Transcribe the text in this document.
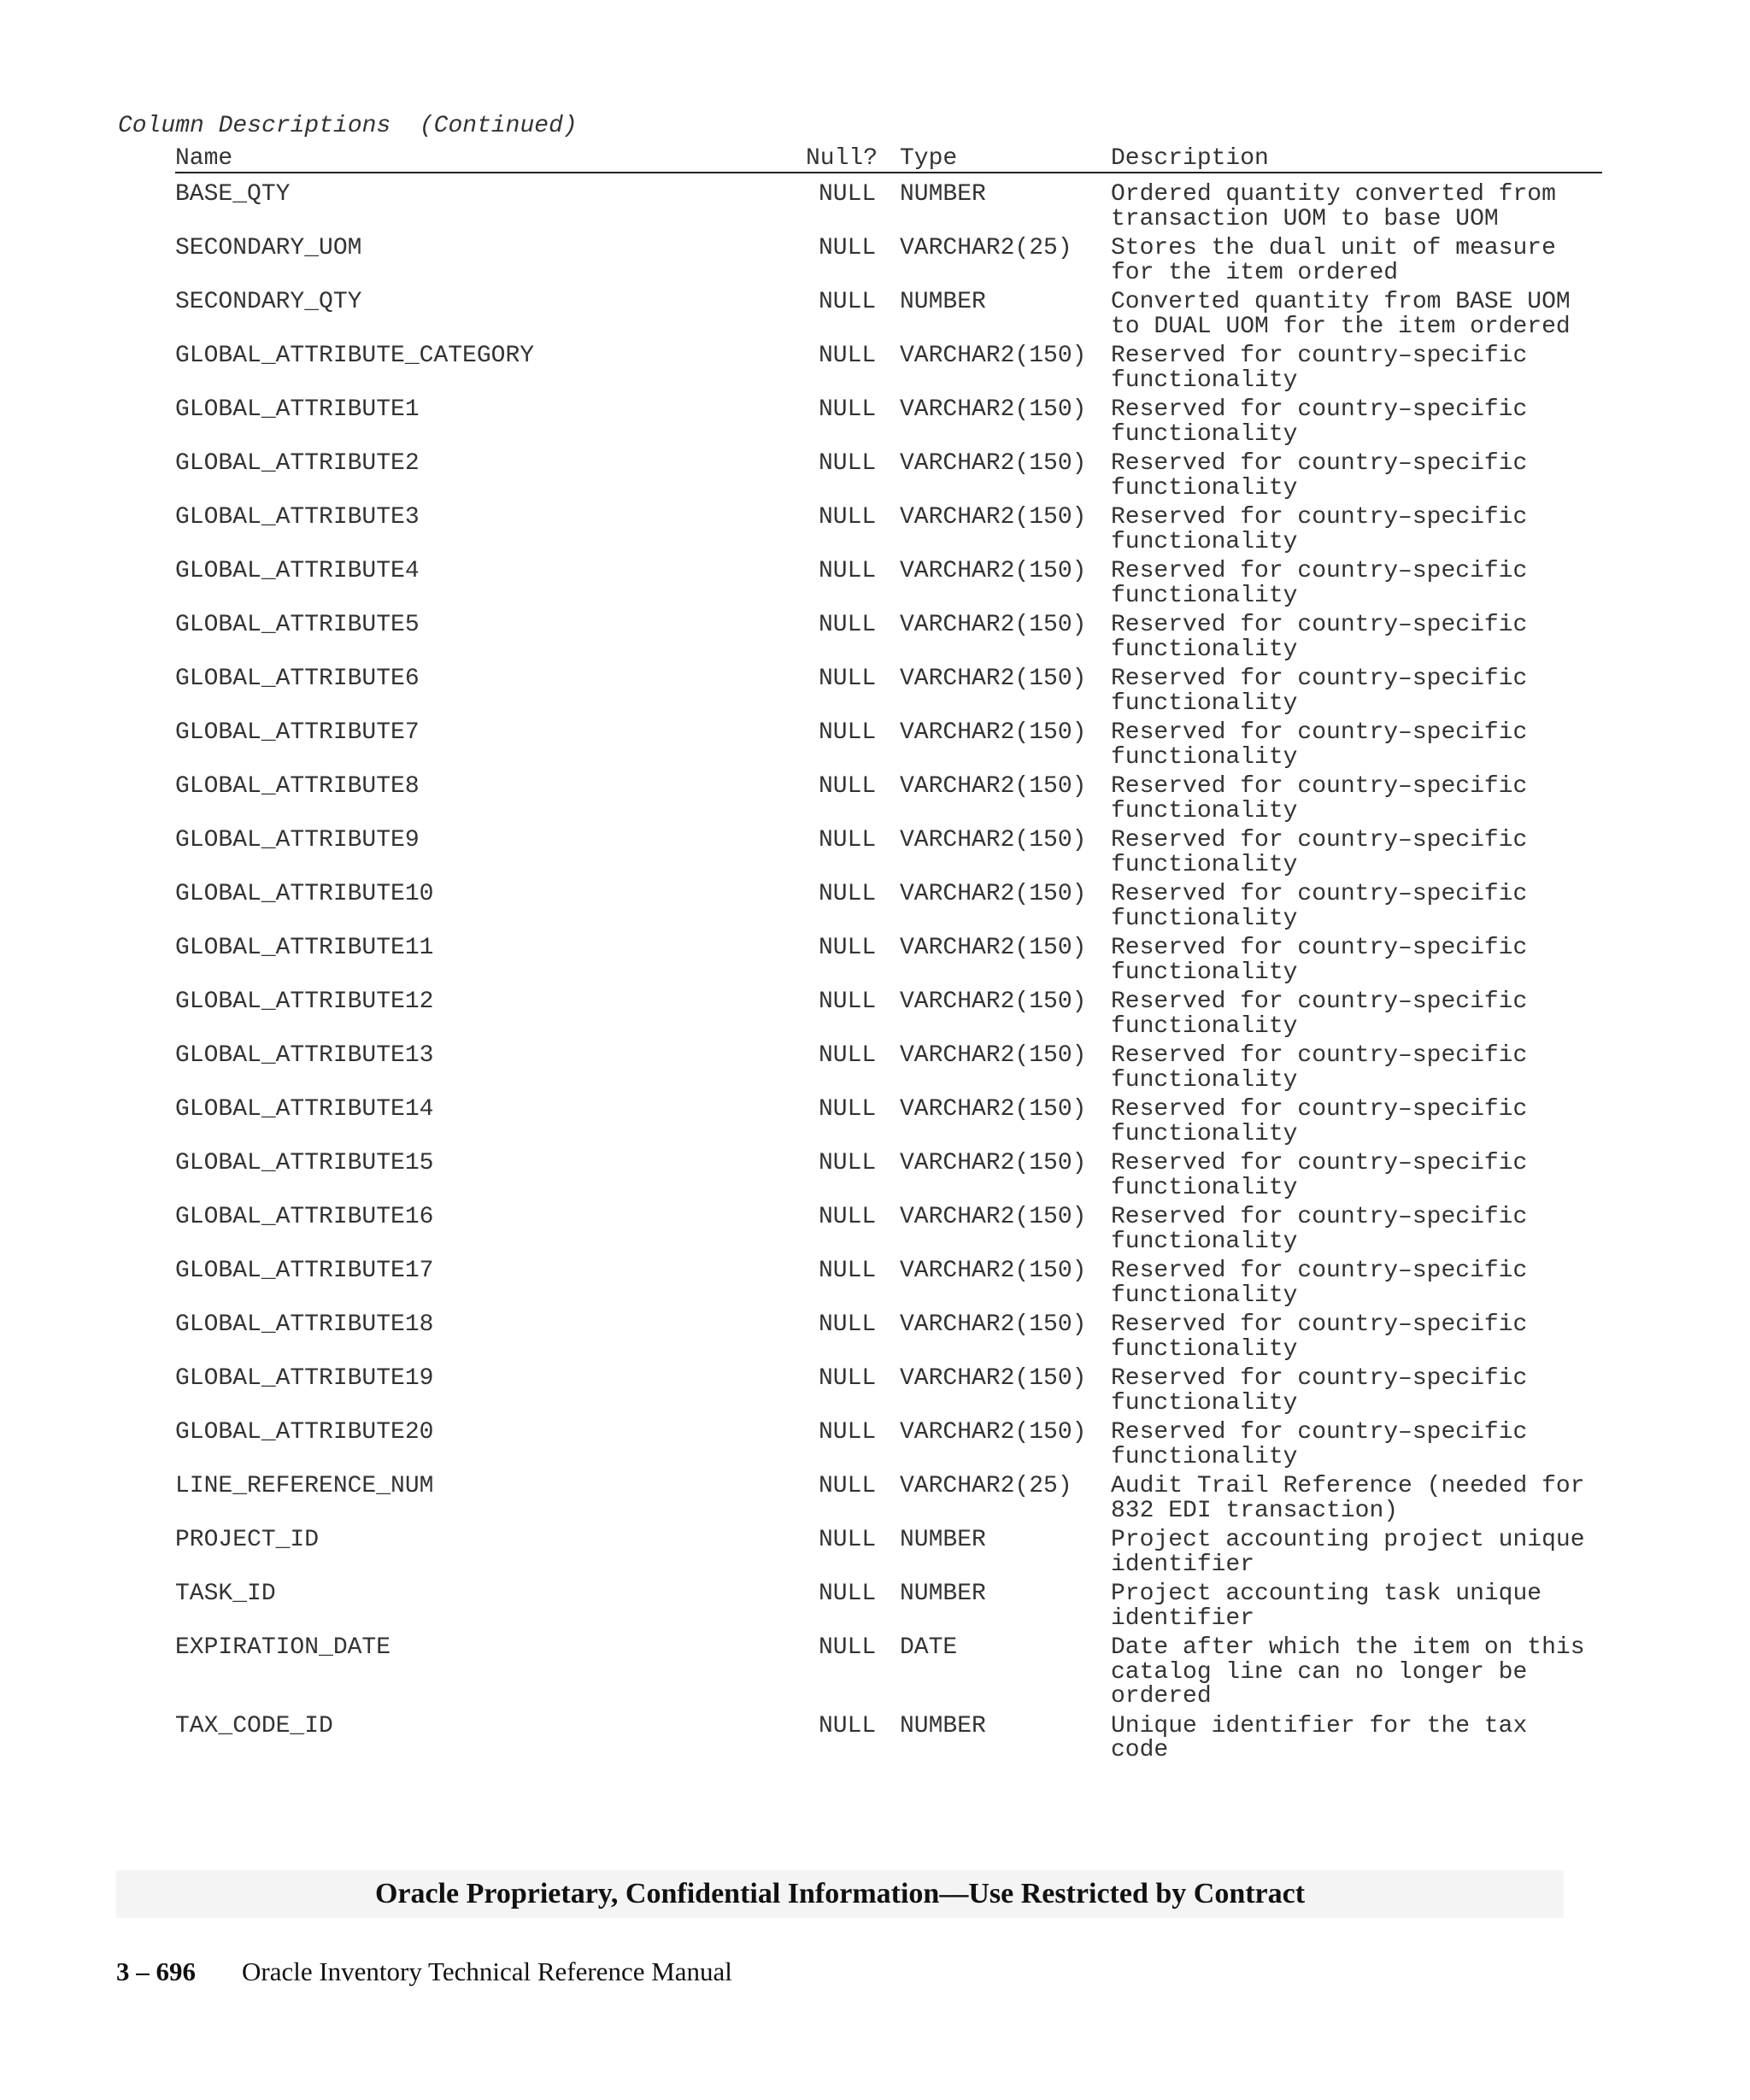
Column Descriptions  (Continued)
Name	Null? Type	Description
BASE_QTY	NULL NUMBER	Ordered quantity converted from transaction UOM to base UOM
SECONDARY_UOM	NULL VARCHAR2(25) Stores the dual unit of measure for the item ordered
SECONDARY_QTY	NULL NUMBER	Converted quantity from BASE UOM to DUAL UOM for the item ordered
GLOBAL_ATTRIBUTE_CATEGORY	NULL VARCHAR2(150) Reserved for country–specific functionality
GLOBAL_ATTRIBUTE1	NULL VARCHAR2(150) Reserved for country–specific functionality
GLOBAL_ATTRIBUTE2	NULL VARCHAR2(150) Reserved for country–specific functionality
GLOBAL_ATTRIBUTE3	NULL VARCHAR2(150) Reserved for country–specific functionality
GLOBAL_ATTRIBUTE4	NULL VARCHAR2(150) Reserved for country–specific functionality
GLOBAL_ATTRIBUTE5	NULL VARCHAR2(150) Reserved for country–specific functionality
GLOBAL_ATTRIBUTE6	NULL VARCHAR2(150) Reserved for country–specific functionality
GLOBAL_ATTRIBUTE7	NULL VARCHAR2(150) Reserved for country–specific functionality
GLOBAL_ATTRIBUTE8	NULL VARCHAR2(150) Reserved for country–specific functionality
GLOBAL_ATTRIBUTE9	NULL VARCHAR2(150) Reserved for country–specific functionality
GLOBAL_ATTRIBUTE10	NULL VARCHAR2(150) Reserved for country–specific functionality
GLOBAL_ATTRIBUTE11	NULL VARCHAR2(150) Reserved for country–specific functionality
GLOBAL_ATTRIBUTE12	NULL VARCHAR2(150) Reserved for country–specific functionality
GLOBAL_ATTRIBUTE13	NULL VARCHAR2(150) Reserved for country–specific functionality
GLOBAL_ATTRIBUTE14	NULL VARCHAR2(150) Reserved for country–specific functionality
GLOBAL_ATTRIBUTE15	NULL VARCHAR2(150) Reserved for country–specific functionality
GLOBAL_ATTRIBUTE16	NULL VARCHAR2(150) Reserved for country–specific functionality
GLOBAL_ATTRIBUTE17	NULL VARCHAR2(150) Reserved for country–specific functionality
GLOBAL_ATTRIBUTE18	NULL VARCHAR2(150) Reserved for country–specific functionality
GLOBAL_ATTRIBUTE19	NULL VARCHAR2(150) Reserved for country–specific functionality
GLOBAL_ATTRIBUTE20	NULL VARCHAR2(150) Reserved for country–specific functionality
LINE_REFERENCE_NUM	NULL VARCHAR2(25) Audit Trail Reference (needed for 832 EDI transaction)
PROJECT_ID	NULL NUMBER	Project accounting project unique identifier
TASK_ID	NULL NUMBER	Project accounting task unique identifier
EXPIRATION_DATE	NULL DATE	Date after which the item on this catalog line can no longer be ordered
TAX_CODE_ID	NULL NUMBER	Unique identifier for the tax code
Oracle Proprietary, Confidential Information––Use Restricted by Contract
3 – 696 Oracle Inventory Technical Reference Manual
